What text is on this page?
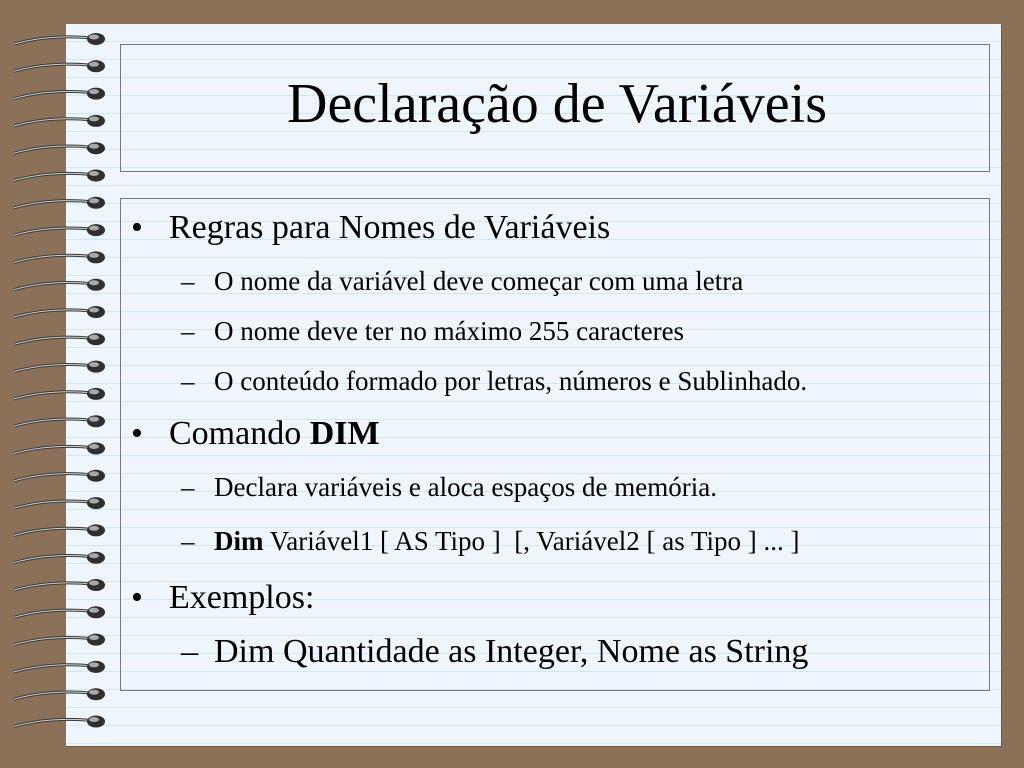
Declaração de Variáveis
• Regras para Nomes de Variáveis
– O nome da variável deve começar com uma letra
– O nome deve ter no máximo 255 caracteres
– O conteúdo formado por letras, números e Sublinhado.
• Comando DIM
– Declara variáveis e aloca espaços de memória.
– Dim Variável1 [ AS Tipo ]  [, Variável2 [ as Tipo ] ... ]
• Exemplos:
– Dim Quantidade as Integer, Nome as String
